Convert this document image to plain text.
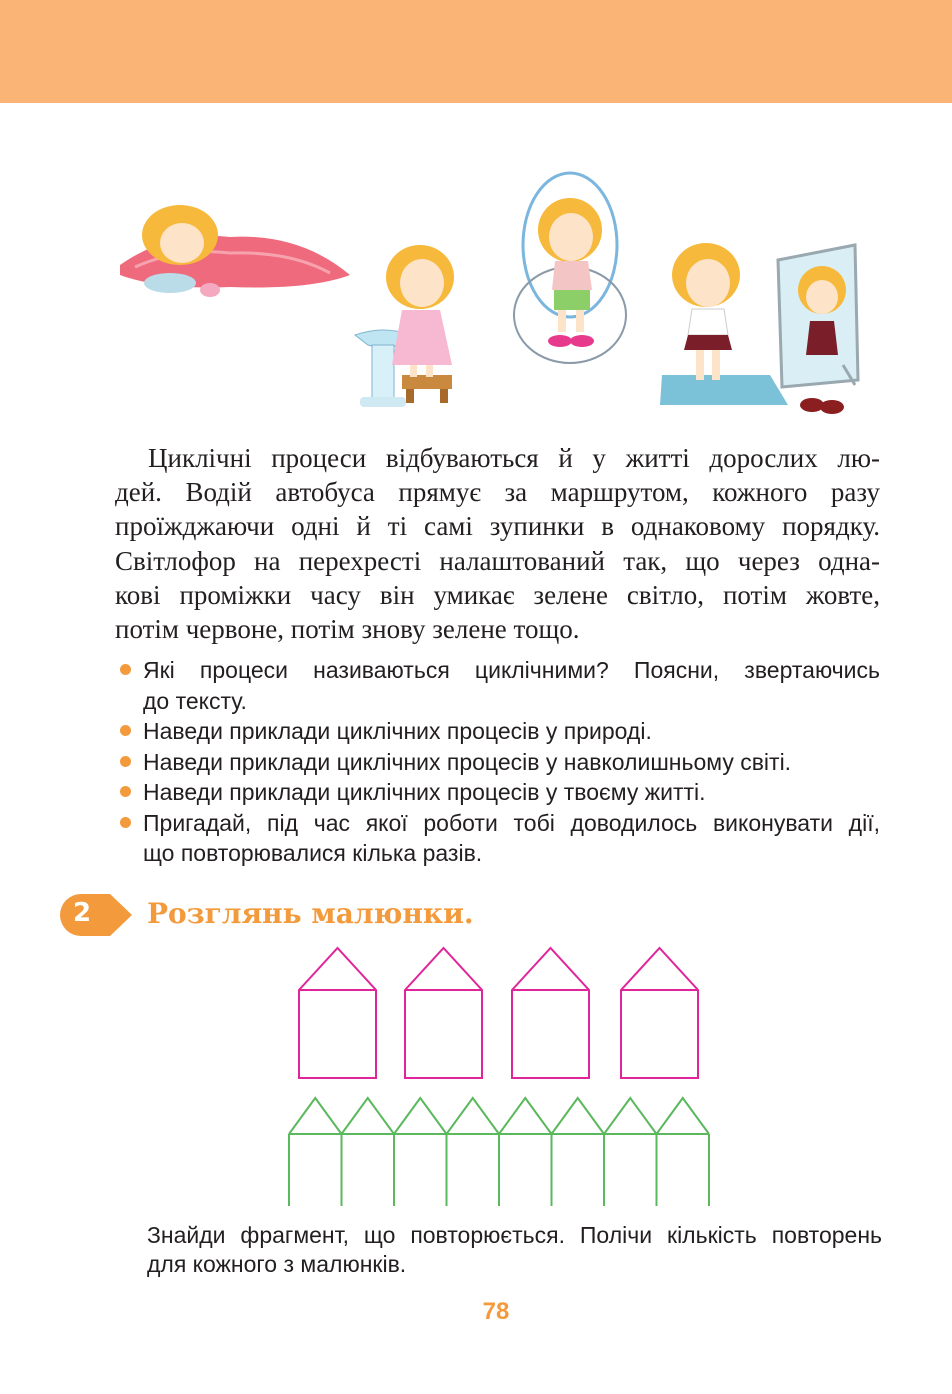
Циклічні процеси відбуваються й у житті дорослих лю-
дей. Водій автобуса прямує за маршрутом, кожного разу
проїжджаючи одні й ті самі зупинки в однаковому порядку.
Світлофор на перехресті налаштований так, що через одна-
кові проміжки часу він умикає зелене світло, потім жовте,
потім червоне, потім знову зелене тощо.

Які процеси називаються циклічними? Поясни, звертаючись
до тексту.
Наведи приклади циклічних процесів у природі.
Наведи приклади циклічних процесів у навколишньому світі.
Наведи приклади циклічних процесів у твоєму житті.
Пригадай, під час якої роботи тобі доводилось виконувати дії,
що повторювалися кілька разів.
2 Розглянь малюнки.
Знайди фрагмент, що повторюється. Полічи кількість повторень
для кожного з малюнків.
78
